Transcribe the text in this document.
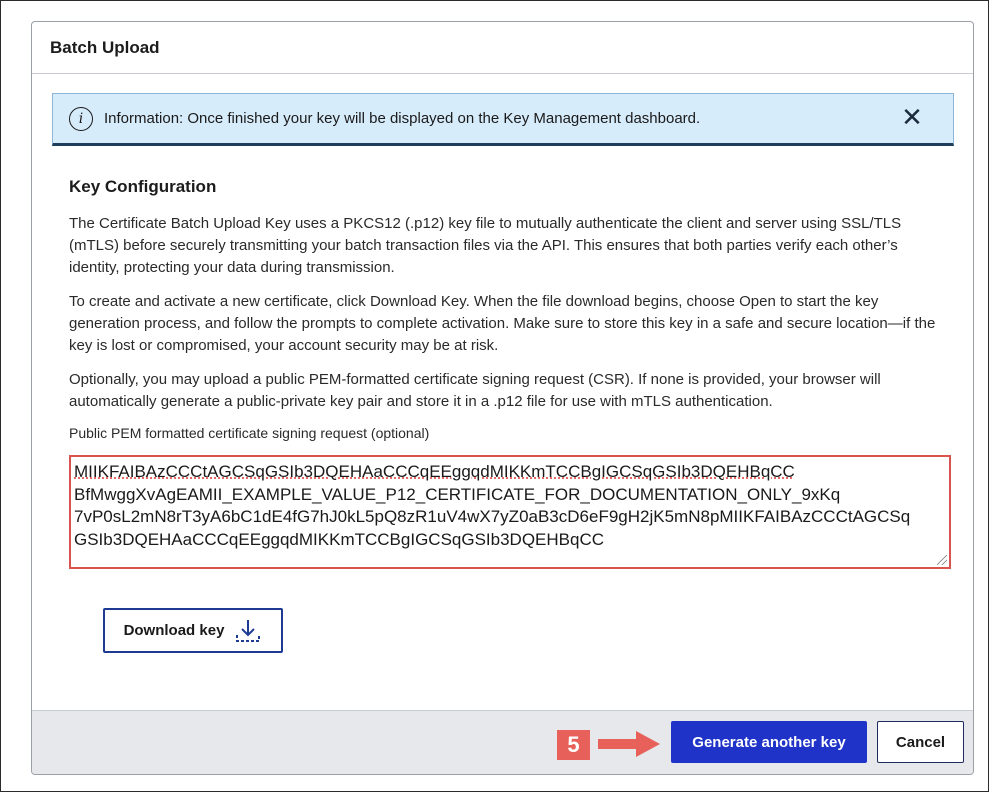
Batch Upload
i	Information: Once finished your key will be displayed on the Key Management dashboard.	✕
Key Configuration

The Certificate Batch Upload Key uses a PKCS12 (.p12) key file to mutually authenticate the client and server using SSL/TLS (mTLS) before securely transmitting your batch transaction files via the API. This ensures that both parties verify each other’s identity, protecting your data during transmission.

To create and activate a new certificate, click Download Key. When the file download begins, choose Open to start the key generation process, and follow the prompts to complete activation. Make sure to store this key in a safe and secure location—if the key is lost or compromised, your account security may be at risk.

Optionally, you may upload a public PEM-formatted certificate signing request (CSR). If none is provided, your browser will automatically generate a public-private key pair and store it in a .p12 file for use with mTLS authentication.

Public PEM formatted certificate signing request (optional)
MIIKFAIBAzCCCtAGCSqGSIb3DQEHAaCCCqEEggqdMIKKmTCCBgIGCSqGSIb3DQEHBqCC
BfMwggXvAgEAMII_EXAMPLE_VALUE_P12_CERTIFICATE_FOR_DOCUMENTATION_ONLY_9xKq
7vP0sL2mN8rT3yA6bC1dE4fG7hJ0kL5pQ8zR1uV4wX7yZ0aB3cD6eF9gH2jK5mN8pMIIKFAIBAzCCCtAGCSq
GSIb3DQEHAaCCCqEEggqdMIKKmTCCBgIGCSqGSIb3DQEHBqCC
Download key
5	Generate another key	Cancel
